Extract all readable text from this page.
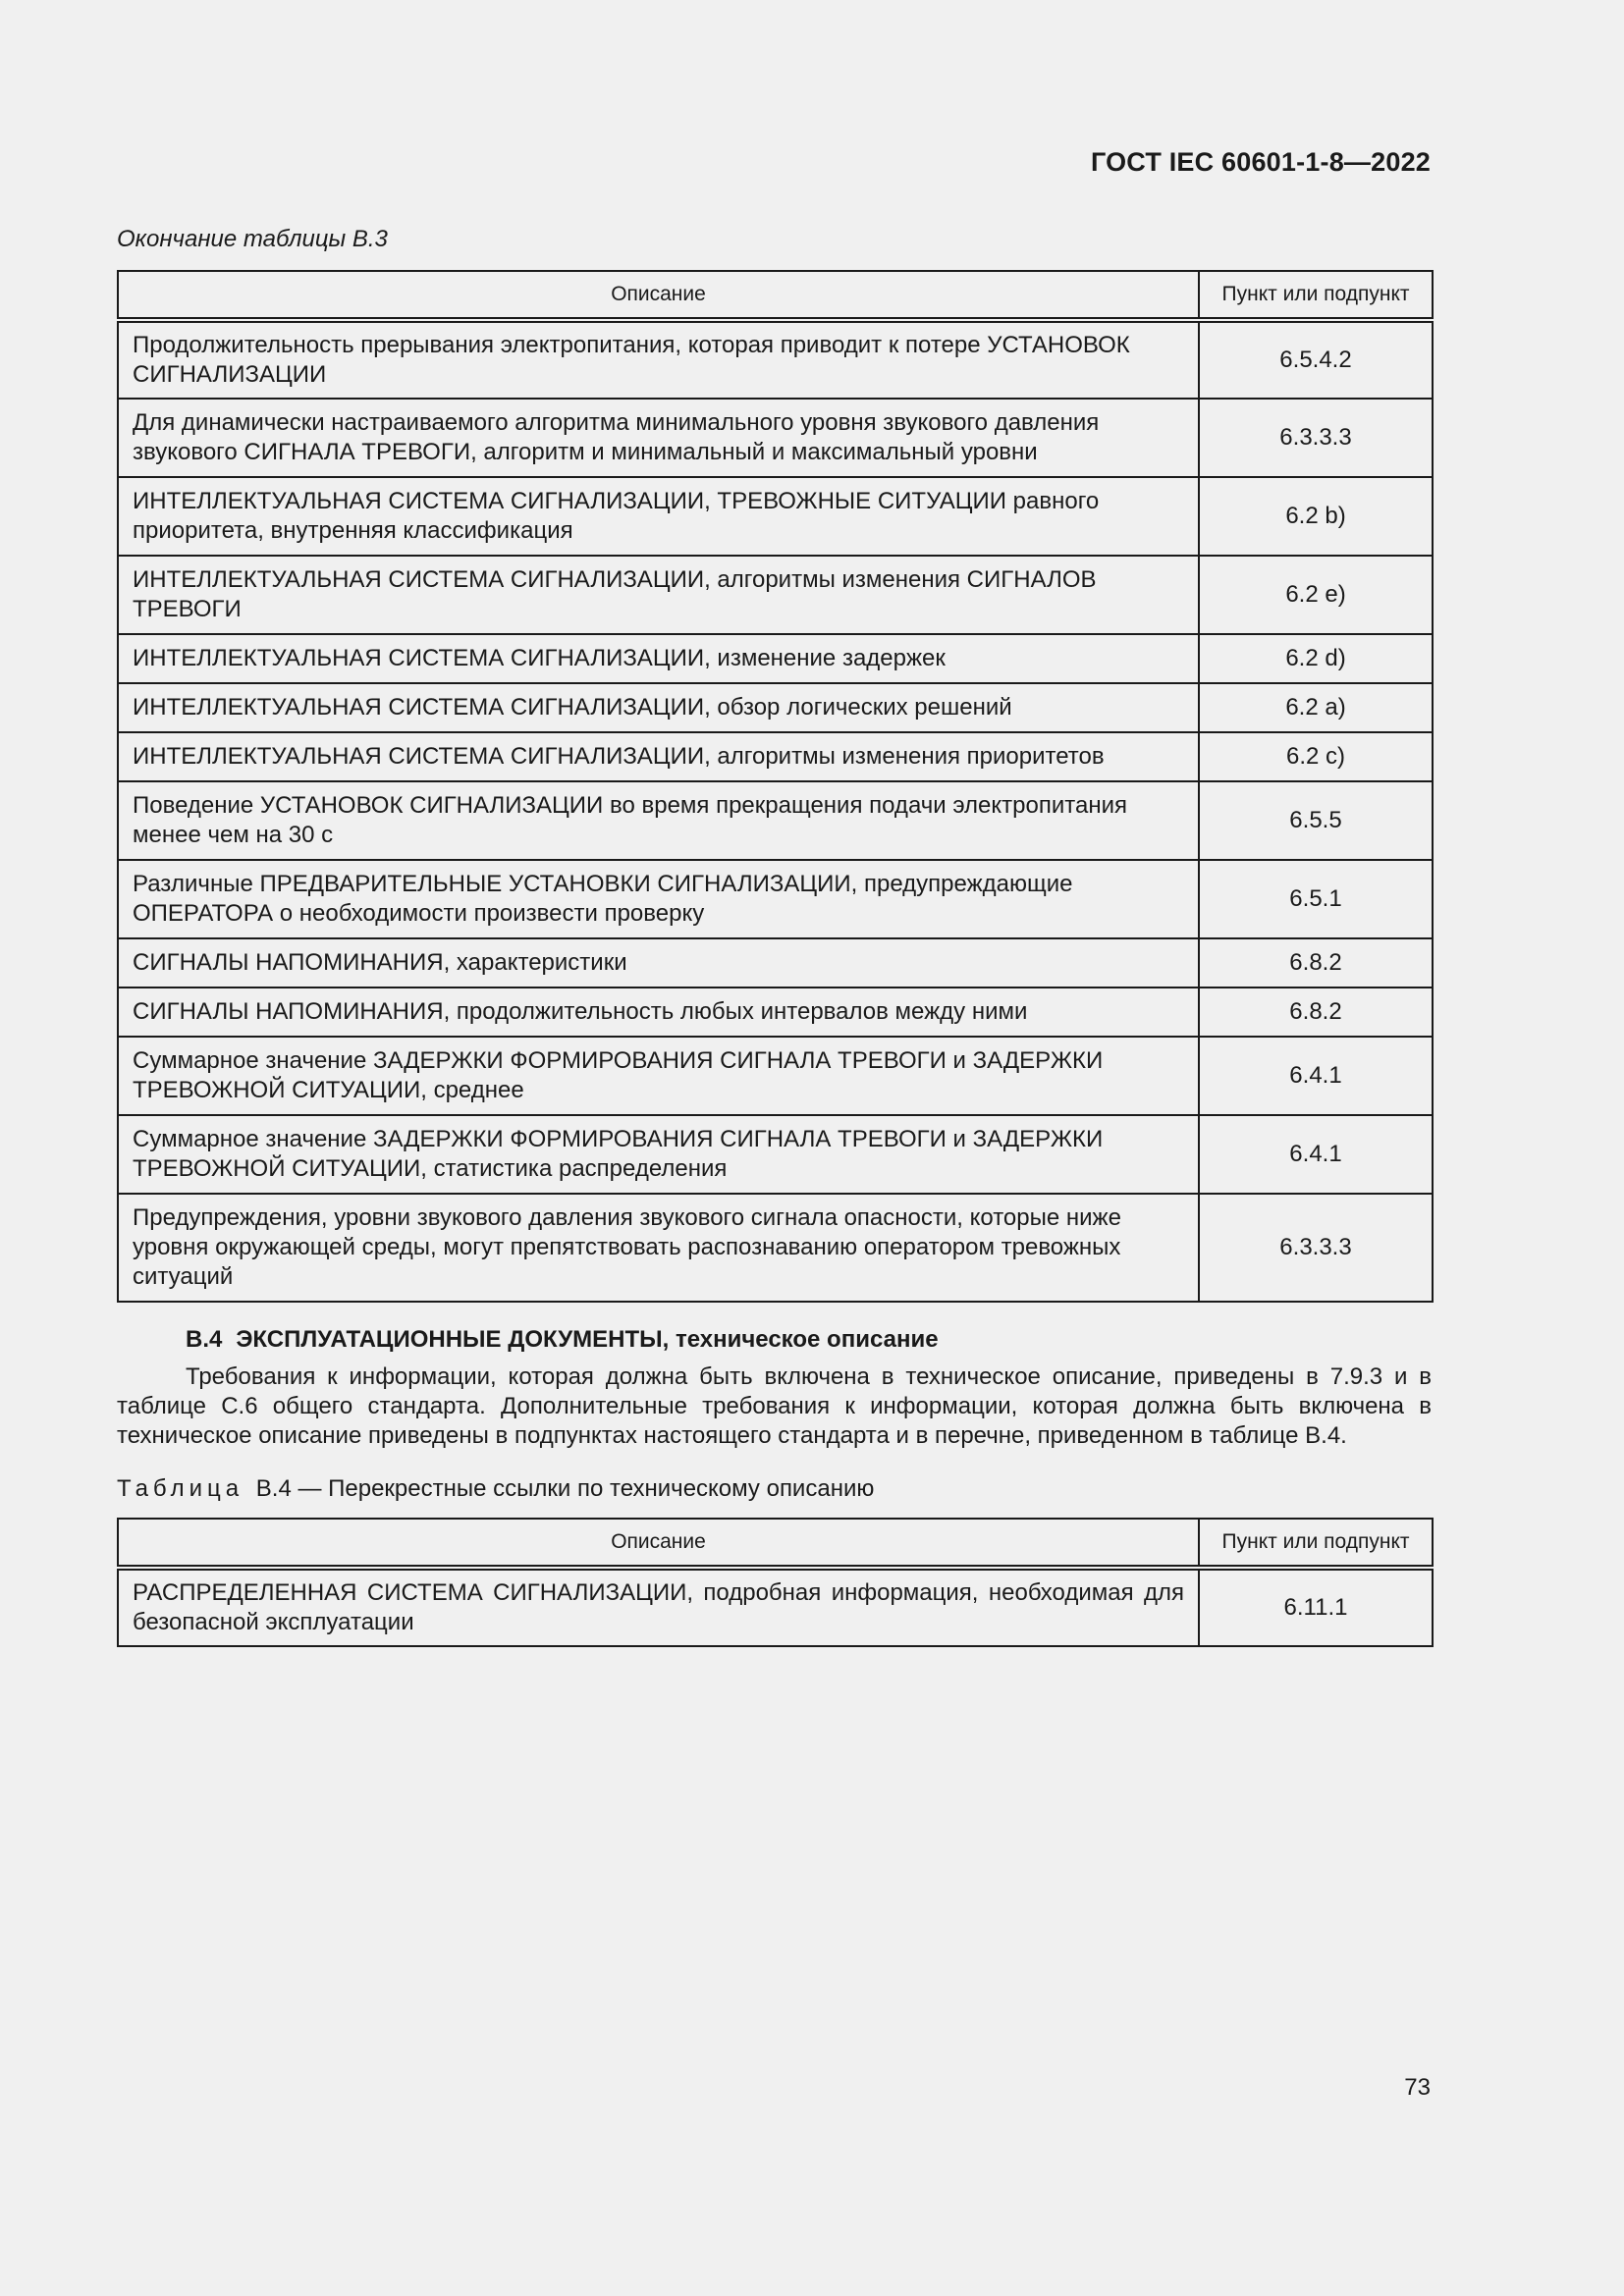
ГОСТ IEC 60601-1-8—2022
Окончание таблицы В.3
Описание	Пункт или подпункт
Продолжительность прерывания электропитания, которая приводит к потере УСТАНОВОК СИГНАЛИЗАЦИИ	6.5.4.2
Для динамически настраиваемого алгоритма минимального уровня звукового давления звукового СИГНАЛА ТРЕВОГИ, алгоритм и минимальный и максимальный уровни	6.3.3.3
ИНТЕЛЛЕКТУАЛЬНАЯ СИСТЕМА СИГНАЛИЗАЦИИ, ТРЕВОЖНЫЕ СИТУАЦИИ равного приоритета, внутренняя классификация	6.2 b)
ИНТЕЛЛЕКТУАЛЬНАЯ СИСТЕМА СИГНАЛИЗАЦИИ, алгоритмы изменения СИГНАЛОВ ТРЕВОГИ	6.2 e)
ИНТЕЛЛЕКТУАЛЬНАЯ СИСТЕМА СИГНАЛИЗАЦИИ, изменение задержек	6.2 d)
ИНТЕЛЛЕКТУАЛЬНАЯ СИСТЕМА СИГНАЛИЗАЦИИ, обзор логических решений	6.2 a)
ИНТЕЛЛЕКТУАЛЬНАЯ СИСТЕМА СИГНАЛИЗАЦИИ, алгоритмы изменения приоритетов	6.2 c)
Поведение УСТАНОВОК СИГНАЛИЗАЦИИ во время прекращения подачи электропитания менее чем на 30 с	6.5.5
Различные ПРЕДВАРИТЕЛЬНЫЕ УСТАНОВКИ СИГНАЛИЗАЦИИ, предупреждающие ОПЕРАТОРА о необходимости произвести проверку	6.5.1
СИГНАЛЫ НАПОМИНАНИЯ, характеристики	6.8.2
СИГНАЛЫ НАПОМИНАНИЯ, продолжительность любых интервалов между ними	6.8.2
Суммарное значение ЗАДЕРЖКИ ФОРМИРОВАНИЯ СИГНАЛА ТРЕВОГИ и ЗАДЕРЖКИ ТРЕВОЖНОЙ СИТУАЦИИ, среднее	6.4.1
Суммарное значение ЗАДЕРЖКИ ФОРМИРОВАНИЯ СИГНАЛА ТРЕВОГИ и ЗАДЕРЖКИ ТРЕВОЖНОЙ СИТУАЦИИ, статистика распределения	6.4.1
Предупреждения, уровни звукового давления звукового сигнала опасности, которые ниже уровня окружающей среды, могут препятствовать распознаванию оператором тревожных ситуаций	6.3.3.3
В.4 ЭКСПЛУАТАЦИОННЫЕ ДОКУМЕНТЫ, техническое описание

Требования к информации, которая должна быть включена в техническое описание, приведены в 7.9.3 и в таблице С.6 общего стандарта. Дополнительные требования к информации, которая должна быть включена в техническое описание приведены в подпунктах настоящего стандарта и в перечне, приведенном в таблице В.4.

Таблица В.4 — Перекрестные ссылки по техническому описанию
Описание	Пункт или подпункт
РАСПРЕДЕЛЕННАЯ СИСТЕМА СИГНАЛИЗАЦИИ, подробная информация, необходимая для безопасной эксплуатации	6.11.1
73
